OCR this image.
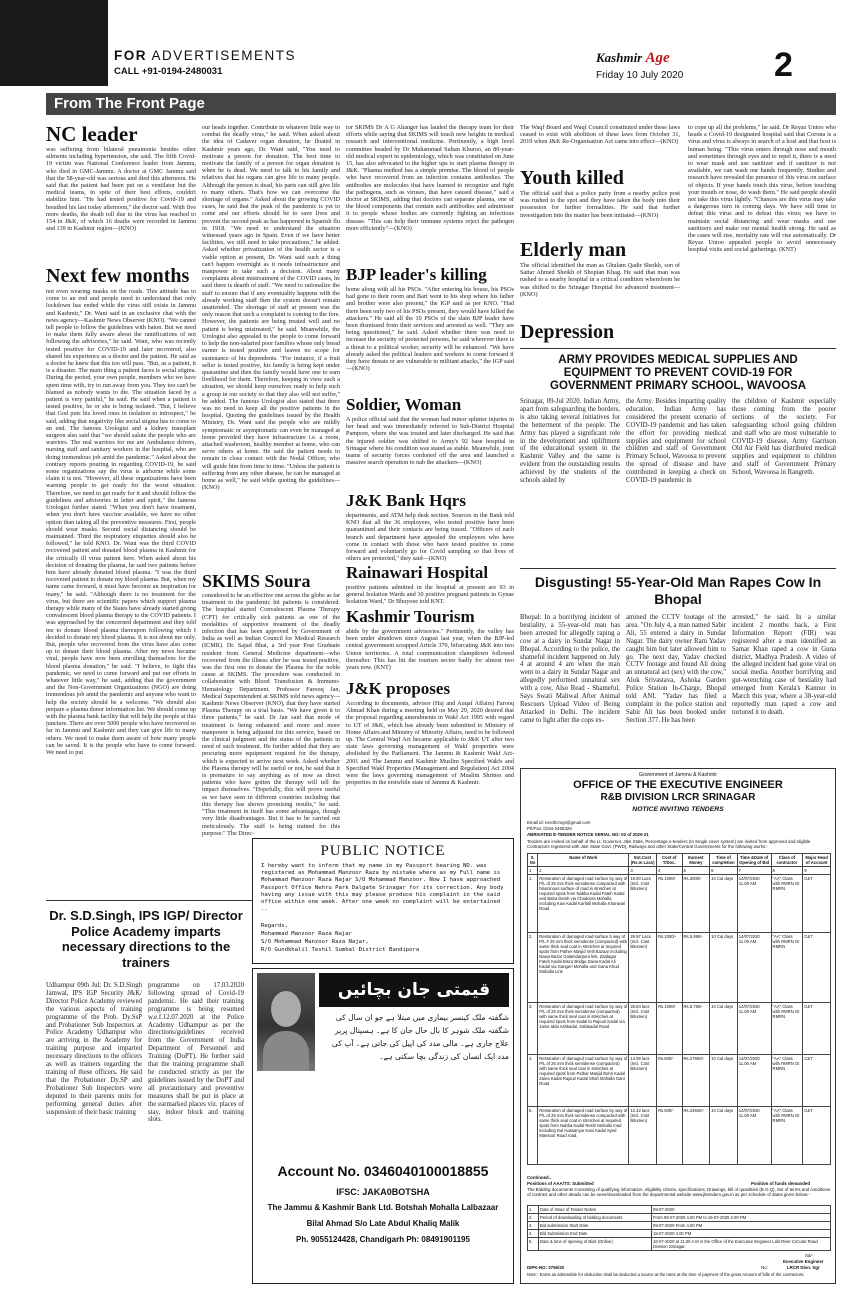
FOR ADVERTISEMENTS
CALL +91-0194-2480031
Kashmir Age
Friday 10 July 2020	2
From The Front Page
NC leader
was suffering from bilateral pneumonia besides other ailments including hypertension, she said. The fifth Covid-19 victim was National Conference leader from Jammu, who died in GMC-Jammu. A doctor at GMC Jammu said that the 58-year-old was serious and died this afternoon. He said that the patient had been put on a ventilator but the medical teams, in spite of their best efforts, couldn't stabilize him. "He had tested positive for Covid-19 and breathed his last today afternoon," the doctor said. With five more deaths, the death toll due to the virus has reached to 154 in J&K, of which 16 deaths were recorded in Jammu and 139 in Kashmir region—(KNO)
Next few months
not even wearing masks on the roads. This attitude has to come to an end and people need to understand that only lockdown has ended while the virus still exists in Jammu and Kashmir," Dr. Wani said in an exclusive chat with the news agency—Kashmir News Observer (KNO). "We cannot tell people to follow the guidelines with baton. But we need to make them fully aware about the ramifications of not following the advisories," he said. Wani, who was recently tested positive for COVID-19 and later recovered, also shared his experience as a doctor and the patient. He said as a doctor he knew that this too will pass. "But, as a patient, it is a disaster. The main thing a patient faces is social stigma. During the period, your own people, members who we have spent time with, try to run away from you. They too can't be blamed as nobody wants to die. The situation faced by a patient is very painful," he said. He said when a patient is tested positive, he or she is being isolated. "But, I believe that God puts his loved ones in isolation to introspect," he said, adding that negativity like social stigma has to come to an end. The famous Urologist and a kidney transplant surgeon also said that "we should salute the people who are warriors. The real warriors for me are Ambulance drivers, nursing staff and sanitary workers in the hospital, who are doing tremendous job amid the pandemic." Asked about the contrary reports pouring in regarding COVID-19, he said some organizations say the virus is airborne while some claim it is not. "However, all these organizations have been warning people to get ready for the worst situation. Therefore, we need to get ready for it and should follow the guidelines and advisories in letter and spirit," the famous Urologist further stated. "When you don't have treatment, when you don't have vaccine available, we have no other option than taking all the preventive measures. First, people should wear masks. Second social distancing should be maintained. Third the respiratory etiquettes should also be followed," he told KNO. Dr. Wani was the third COVID recovered patient and donated blood plasma in Kashmir for the critically ill virus patient here. When asked about his decision of donating the plasma, he said two patients before him have already donated blood plasma. "I was the third recovered patient to donate my blood plasma. But, when my name came forward, it must have become an inspiration for many," he said. "Although there is no treatment for the virus, but there are scientific papers which support plasma therapy while many of the States have already started giving convalescent blood plasma therapy to the COVID patients. I was approached by the concerned department and they told me to donate blood plasma thereupon following which I decided to donate my blood plasma. It is not about me only. But, people who recovered from the virus have also come up to donate their blood plasma. After my news became viral, people have now been enrolling themselves for the blood plasma donation," he said. "I believe, to fight this pandemic, we need to come forward and put our efforts in whatever little way," he said, adding that the government and the Non-Government Organizations (NGO) are doing tremendous job amid the pandemic and anyone who want to help the society should be a welcome. "We should also prepare a plasma donor information list. We should come up with the plasma bank facility that will help the people at this juncture. There are over 5000 people who have recovered so far in Jammu and Kashmir and they can give life to many others. We need to make them aware of how many people can be saved. It is the people who have to come forward. We need to put
our heads together. Contribute in whatever little way to combat the deadly virus," he said. When asked about the idea of Cadaver organ donation, he floated in Kashmir years ago, Dr. Wani said, "You need to motivate a person for donation. The best time to motivate the family of a person for organ donation is when he is dead. We need to talk to his family and relatives that his organs can give life to many people. Although the person is dead, his parts can still give life to many others. That's how we can overcome the shortage of organs." Asked about the growing COVID cases, he said that the peak of the pandemic is yet to come and our efforts should be to save lives and prevent the second peak as has happened in Spanish flu in 1918. "We need to understand the situation witnessed years ago in Spain. Even if we have better facilities, we still need to take precautions," he added. Asked whether privatization of the health sector is a viable option at present, Dr. Wani said such a thing can't happen overnight as it needs infrastructure and manpower to take such a decision. About many complaints about mistreatment of the COVID cases, he said there is dearth of staff. "We need to rationalize the staff to ensure that if any eventuality happens with the already working staff then the system doesn't remain unattended. The shortage of staff at present was the only reason that such a complaint is coming to the fore. However, the patients are being treated well and no patient is being mistreated," he said. Meanwhile, the Urologist also appealed to the people to come forward to help the non-salaried poor families whose only bread earner is tested positive and leaves no scope for sustenance of his dependents. "For instance, if a fruit seller is tested positive, his family is being kept under quarantine and then the family would have one to earn livelihood for them. Therefore, keeping in view such a situation, we should keep ourselves ready to help such a group in our society so that they also will not suffer," he added. The famous Urologist also stated that there was no need to keep all the positive patients in the hospital. Quoting the guidelines issued by the Health Ministry, Dr. Wani said the people who are mildly symptomatic or asymptomatic can even be managed at home provided they have infrastructure i.e. a room, attached washroom, healthy member at home, who can serve others at home. He said the patient needs to remain in close contact with the Nodal Officer, who will guide him from time to time. "Unless the patient is suffering from any other disease, he can be managed at home as well," he said while quoting the guidelines—(KNO)
SKIMS Soura
considered to be an effective one across the globe as far treatment to the pandemic hit patients is considered. The hospital started Convalescent Plasma Therapy (CPT) for critically sick patients as one of the modalities of supportive treatment of the deadly infection that has been approved by Government of India as well as Indian Council for Medical Research (ICMR). Dr. Sajad Bhat, a 3rd year Post Graduate resident from General Medicine department—who recovered from the illness after he was tested positive, was the first one to donate the Plasma for the noble cause at SKIMS. The procedure was conducted in collaboration with Blood Transfusion & Immuno-Hematology Department. Professor Farooq Jan, Medical Superintendent at SKIMS told news agency—Kashmir News Observer (KNO), that they have started Plasma Therapy on a trial basis. "We have given it to three patients," he said. Dr Jan said that mode of treatment is being enhanced and more and more manpower is being adjusted for this service, based on the clinical judgment and the status of the patients in need of such treatment. He further added that they are procuring more equipment required for the therapy, which is expected to arrive next week. Asked whether the Plasma therapy will be useful or not, he said that it is premature to say anything as of now as direct patients who have gotten the therapy will tell the impact themselves. "Hopefully, this will prove useful as we have seen in different countries including that this therapy has shown promising results," he said. "This treatment in itself has some advantages, though very little disadvantages. But it has to be carried out meticulously. The staff is being trained for this purpose." The Direc-
tor SKIMS Dr A G Ahanger has lauded the therapy team for their efforts while saying that SKIMS will touch new heights in medical research and interventional medicine. Pertinently, a high level committee headed by Dr Muhammad Sultan Khuroo, an 80-year-old medical expert in epidemiology, which was constituted on June 15, has also advocated to the higher ups to start plasma therapy in J&K. "Plasma method has a simple premise. The blood of people who have recovered from an infection contains antibodies. The antibodies are molecules that have learned to recognize and fight the pathogens, such as viruses, that have caused disease," said a doctor at SKIMS, adding that doctors can separate plasma, one of the blood components that contain such antibodies and administer it to people whose bodies are currently fighting an infectious disease. "This can help their immune systems reject the pathogen more efficiently"—(KNO)
BJP leader's killing
home along with all his PSOs. "After entering his house, his PSOs had gone to their room and Bari went to his shop where his father and brother were also present," the IGP said as per KNO. "Had there been only two of his PSOs present, they would have killed the attackers." He said all the 10 PSOs of the slain BJP leader have been dismissed from their services and arrested as well. "They are being questioned," he said. Asked whether there was need to increase the security of protected persons, he said wherever there is a threat to a political worker, security will be enhanced. "We have already asked the political leaders and workers to come forward if they have threats or are vulnerable to militant attacks," the IGP said—(KNO)
Soldier, Woman
A police official said that the woman had minor splinter injuries in her head and was immediately referred to Sub-District Hospital Pampore, where she was treated and later discharged. He said that the injured soldier was shifted to Army's 92 base hospital in Srinagar where his condition was stated as stable. Meanwhile, joint teams of security forces cordoned off the area and launched a massive search operation to nab the attackers—(KNO)
J&K Bank Hqrs
departments, and ATM help desk section. Sources in the Bank told KNO that all the 36 employees, who tested positive have been quarantined and their contacts are being traced. "Officers of each branch and department have appealed the employees who have come in contact with those who have tested positive to come forward and voluntarily go for Covid sampling so that lives of others are protected," they said—(KNO)
Rainawari Hospital
positive patients admitted in the hospital at present are 93 in general Isolation Wards and 10 positive pregnant patients in Gynae Isolation Ward," Dr Bhuyoee told KNT.
Kashmir Tourism
abide by the government advisories." Pertinently, the valley has been under shutdown since August last year, when the BJP-led central government scrapped Article 370, bifurcating J&K into two Union territories. A total communication clampdown followed thereafter. This has hit the tourism sector badly for almost two years now. (KNT)
J&K proposes
According to documents, advisor (Haj and Auqaf Affairs) Farooq Ahmad Khan during a meeting held on May 29, 2020 desired that the proposal regarding amendments in Wakf Act 1995 with regard to UT of J&K, which has already been submitted to Ministry of Home Affairs and Ministry of Minority Affairs, need to be followed up. The Central Waqf Act became applicable to J&K UT after two state laws governing management of Wakf properties were abolished by the Parliament. The Jammu & Kashmir Wakf Act-2001 and The Jammu and Kashmir Muslim Specified Wakfs and Specified Wakf Properties (Management and Regulation) Act 2004 were the laws governing management of Muslim Shrines and properties in the erstwhile state of Jammu & Kashmir.
The Waqf Board and Waqf Council constituted under these laws ceased to exist with abolition of these laws from October 31, 2019 when J&K Re-Organisation Act came into effect—(KNO)
Youth killed
The official said that a police party from a nearby police post was rushed to the spot and they have taken the body into their possession for further formalities. He said that further investigation into the matter has been initiated—(KNO)
Elderly man
The official identified the man as Ghulam Qadir Sheikh, son of Sattar Ahmed Sheikh of Shopian Khag. He said that man was rushed to a nearby hospital in a critical condition wherefrom he was shifted to the Srinagar Hospital for advanced treatment—(KNO)
Depression
to cope up all the problems," he said. Dr Reyaz Untoo who heads a Covid-19 designated hospital said that Corona is a virus and virus is always in search of a host and that host is human being. "This virus enters through nose and mouth and sometimes through eyes and to repel it, there is a need to wear mask and use sanitizer and if sanitizer is not available, we can wash our hands frequently. Studies and research have revealed the presence of this virus on surface of objects. If your hands touch this virus, before touching your mouth or nose, do wash them." He said people should not take this virus lightly. "Chances are this virus may take a dangerous turn in coming days. We have still time to defeat this virus and to defeat this virus; we have to maintain social distancing and wear masks and use sanitizers and make our mental health strong. He said as the cases will rise, mortality rate will rise automatically. Dr Reyaz Untoo appealed people to avoid unnecessary hospital visits and social gatherings. (KNT)
ARMY PROVIDES MEDICAL SUPPLIES AND EQUIPMENT TO PREVENT COVID-19 FOR GOVERNMENT PRIMARY SCHOOL, WAVOOSA
Srinagar, 09-Jul 2020. Indian Army, apart from safeguarding the borders, is also taking several initiatives for the betterment of the people. The Army has played a significant role in the development and upliftment of the educational system in the Kashmir Valley and the same is evident from the outstanding results achieved by the students of the schools aided by
the Army. Besides imparting quality education, Indian Army has considered the present scenario of COVID-19 pandemic and has taken the effort for providing medical supplies and equipment for school children and staff of Government Primary School, Wavoosa to prevent the spread of disease and have contributed in keeping a check on COVID-19 pandemic in
the children of Kashmir especially those coming from the poorer sections of the society. For safeguarding school going children and staff who are most vulnerable to COVID-19 disease, Army Garrison Old Air Field has distributed medical supplies and equipment to children and staff of Government Primary School, Wavoosa in Rangreth.
Disgusting! 55-Year-Old Man Rapes Cow In Bhopal
Bhopal: In a horrifying incident of bestiality, a 55-year-old man has been arrested for allegedly raping a cow at a dairy in Sundar Nagar in Bhopal. According to the police, the shameful incident happened on July 4 at around 4 am when the man went to a dairy in Sundar Nagar and allegedly performed unnatural sex with a cow, Also Read - Shameful, Says Swati Maliwal After Animal Rescuers Upload Video of Being Attacked in Delhi. The incident came to light after the cops ex-
amined the CCTV footage of the area. "On July 4, a man named Sabir Ali, 55 entered a dairy in Sundar Nagar. The dairy owner Ram Yadav caught him but later allowed him to go. The next day, Yadav checked CCTV footage and found Ali doing an unnatural act (sex) with the cow," Alok Srivastava, Ashoka Garden Police Station In-Charge, Bhopal told ANI. "Yadav has filed a complaint in the police station and Sabir Ali has been booked under Section 377. He has been
arrested," he said. In a similar incident 2 months back, a First Information Report (FIR) was registered after a man identified as Samar Khan raped a cow in Guna district, Madhya Pradesh. A video of the alleged incident had gone viral on social media. Another horrifying and gut-wrenching case of bestiality had emerged from Kerala's Kannur in March this year, where a 38-year-old reportedly man raped a cow and tortured it to death.
Dr. S.D.Singh, IPS IGP/ Director Police Academy imparts necessary directions to the trainers
Udhampur 09th Jul: Dr. S.D.Singh Jamwal, IPS IGP Security J&K/ Director Police Academy reviewed the various aspects of training programme of the Prob. Dy.SsP and Probationer Sub Inspectors at Police Academy Udhampur who are arriving in the Academy for training purpose and imparted necessary directions to the officers as well as trainers regarding the training of these officers. He said that the Probationer Dy.SP and Probationer Sub Inspectors were deputed to their parents units for performing general duties after suspension of their basic training
programme on 17.03.2020 following spread of Covid-19 pandemic. He said their training programme is being resumed w.e.f.12.07.2020 at the Police Academy Udhampur as per the directions/guidelines received from the Government of India Department of Personnel and Training (DoPT). He further said that the training programme shall be conducted strictly as per the guidelines issued by the DoPT and all precautionary and preventive measures shall be put in place at the earmarked places viz. places of stay, indoor block and training slots.
PUBLIC NOTICE
I hereby want to inform that my name in my Passport bearing NO. was registered as Mohammad Manzoor Raza by mistake where as my Full name is Mohammad Manzoor Raza Najar S/O Mohammad Manzoor. Now I have approached Passport Office Nehru Park Dalgate Srinagar for its correction. Any body having any issue with this may please produce his complaint in the said office within one week. After one week no complaint will be entertained ..
Regards,
Mohammad Manzoor Raza Najar
S/O Mohammad Manzoor Raza Najar,
R/O Gundkhalil Teshil Sumbal District Bandipora
قیمتی جان بچائیں
شگفتہ ملک کینسر بیماری میں مبتلا ہے جو ان سال کی شگفتہ ملک شوہر کا بال حال جان کا ہے۔ ہسپتال پریر علاج جاری ہے۔ مالی مدد کی اپیل کی جاتی ہے۔ آپ کی مدد ایک انسان کی زندگی بچا سکتی ہے۔
Account No. 0346040100018855
IFSC: JAKA0BOTSHA
The Jammu & Kashmir Bank Ltd. Botshah Mohalla Lalbazaar
Bilal Ahmad S/o Late Abdul Khaliq Malik
Ph. 9055124428, Chandigarh Ph: 08491901195
Government of Jammu & Kashmir
OFFICE OF THE EXECUTIVE ENGINEER
R&B DIVISION LRCR SRINAGAR
NOTICE INVITING TENDERS
Email id: eerdlrcrsgr@gmail.com
Ph/Fax: 0194-2455329
ABRIVATED E-TENDER NOTICE SERIAL NO: 02 of 2020-21
Tenders are invited on behalf of the Lt. Governor, J&K State, Percentage e-tenders (In Single cover system) are invited from approved and eligible Contractors registered with J&K State Govt. (PWD), Railways and other State/Central Governments for the following works:-
S. No	Name of Work	Est.Cost (Rs.In Lacs)	Cost of T/Doc.	Earnest Money	Time of completion	Time &Date of Opening of Bid	Class of contractor	Major Head of Account
1	2	3	4	5	6	7	8	9
1.	Restoration of damaged road surface by way of P/L of 25 mm thick semidense compacted with bituminous surface of road in stretches at required spots from Nabba Kadal Fateh Kadal and Baba Demb via Chadoora Mohalla including Kavi Kadal Karfalli Mohalla Khanwari Road	19.00 Lacs (Incl. Cost Bitumen)	Rs.1000/-	Rs.2000/-	10 Cal days	14/07/2020 11.00 AM	"AA" Class with RMRN Or RMRN	C&T
2.	Restoration of damaged road surface b way of P/L # 25 mm thick semidense (compacted) with same thick seal coat in stretches at required spots from Pather Masjid Vetli Bazaar including Nawa Bazar Galamdarpora link, Zaldagar Fateh Kadal Bisco Bridge Zaina Kadal Ali Kadal via Gangeri Mohalla and Gana Khud Mohalla Link	29.97 Lacs (Incl. Cost Bitumen)	Rs.1000/-	Rs.5,990/-	10 Cal days	14/07/2020 11.00 AM	"AA" Class with RMRN Or RMRN	C&T
3.	Restoration of damaged road surface by way of P/L of 25 mm thick semidense (compacted) with same thick seal coat in stretches at required spots from Kadal to Rajouri Kadal via Jama Idda Ashkadal, Safakadal Road	28.84 lacs (Incl. Cost Bitumen)	Rs.1000/-	Rs.5,780/-	10 Cal days	14/07/2020 11.00 AM	"AA" Class with RMRN Or RMRN	C&T
4.	Restoration of damaged road surface by way of P/L of 25 mm thick semidense (compacted) with same thick seal coat in stretches at required spots from Pathar Masjid Bohri Kadal Zaina Kadal Rajouri Kadal Shah Mohalla Gani Road	13.99 lacs (Incl. Cost Bitumen)	Rs.600/-	Rs.27900/-	10 Cal days	14/07/2020 11.00 AM	"AA" Class with RMRN Or RMRN	C&T
5.	Restoration of damaged road surface by way of P/L of 25 mm thick semidense compacted with same thick seal coat in stretches at required spots from Nabba Kadal Reshi Mohalla road including Dal Hassanyar Kani Kadal Syed Mansoor Road road.	12.42 lacs (Incl. Cost Bitumen)	Rs.600/-	Rs.24840/-	10 Cal days	14/07/2020 11.00 AM	"AA" Class with RMRN Or RMRN	C&T
Continued..
Positions of AAA/TS: Submitted	Position of funds demanded
The Bidding documents Consisting of qualifying information, eligibility criteria, specifications, Drawings, bill of quantities (B.O.Q), Set of terms and conditions of contract and other details can be seen/downloaded from the departmental website www.jktenders.gov.in as per schedule of dates given below:-
1.	Date of Issue of Tender Notice	09-07-2020
2.	Period of downloading of bidding documents	From 09-07-2020 4.00 PM to 15-07-2020 4.00 PM
3.	Bid submission Start Date	09-07-2020 From 4.00 PM
4.	Bid Submission End Date	15-07-2020 4.00 PM
5.	Date & time of opening of Bids (Online)	16-07-2020 at 11.00 A.M in the Office of the Executive Engineer Lalit River Circular Road Division Srinagar.
Sd/-
Executive Engineer
LRCR Divn. Sgr
DIPK-NO: 2756/20	No:
Note:- Earns as admissible for deduction shall be deducted a source at the rates at the time of payment of the gross Amount of bills of the contractors.
